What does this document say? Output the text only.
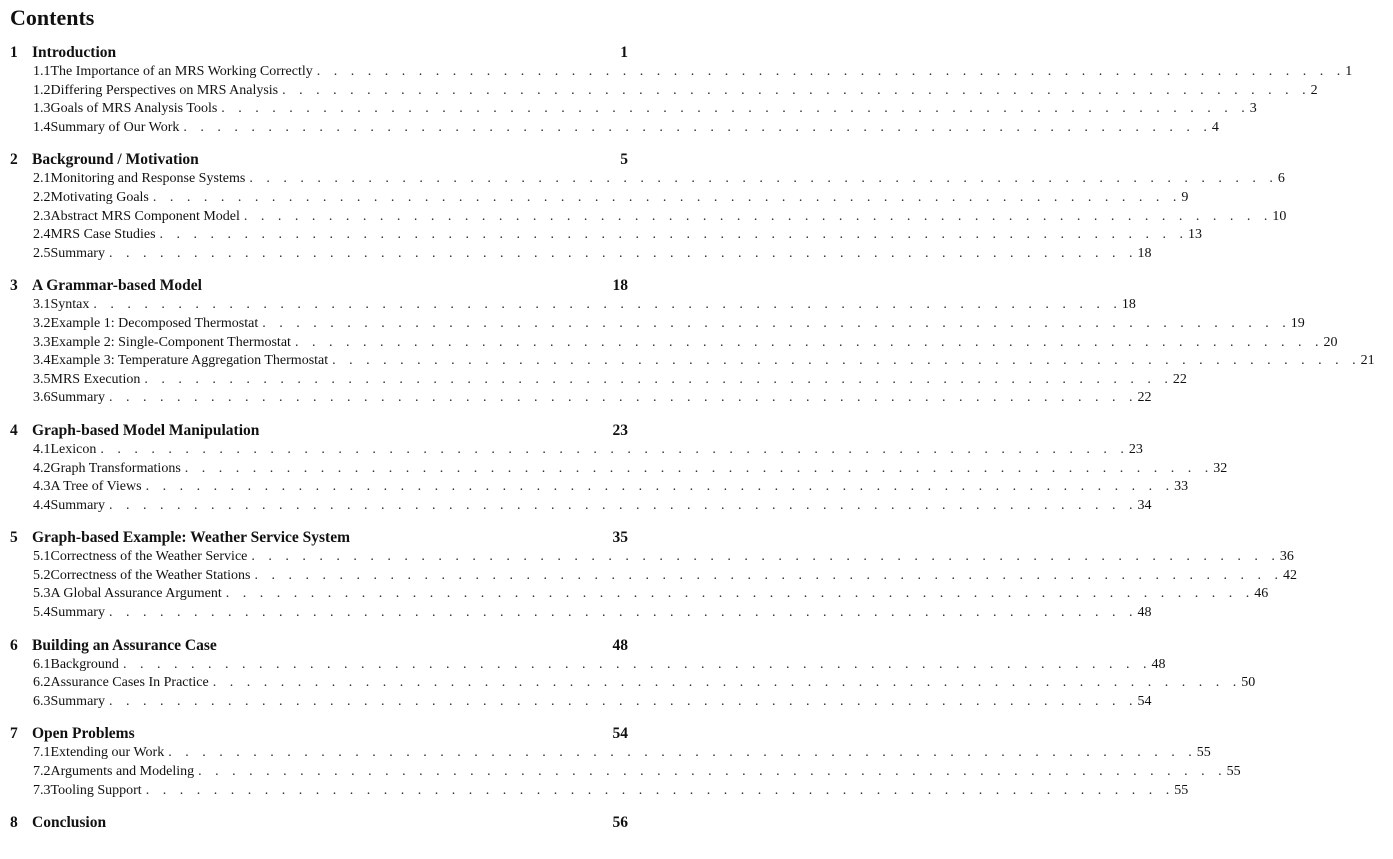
Contents
1 Introduction	1
1.1 The Importance of an MRS Working Correctly . . . . . . . . . . . . . . . . . . . . . . . . . . . . . . . . . . . . . . . . . . . . . . . . . . . . . . . . . . . . . 1
1.2 Differing Perspectives on MRS Analysis . . . . . . . . . . . . . . . . . . . . . . . . . . . . . . . . . . . . . . . . . . . . . . . . . . . . . . . . . . . . . 2
1.3 Goals of MRS Analysis Tools . . . . . . . . . . . . . . . . . . . . . . . . . . . . . . . . . . . . . . . . . . . . . . . . . . . . . . . . . . . . . 3
1.4 Summary of Our Work . . . . . . . . . . . . . . . . . . . . . . . . . . . . . . . . . . . . . . . . . . . . . . . . . . . . . . . . . . . . . 4
2 Background / Motivation	5
2.1 Monitoring and Response Systems . . . . . . . . . . . . . . . . . . . . . . . . . . . . . . . . . . . . . . . . . . . . . . . . . . . . . . . . . . . . . 6
2.2 Motivating Goals . . . . . . . . . . . . . . . . . . . . . . . . . . . . . . . . . . . . . . . . . . . . . . . . . . . . . . . . . . . . . 9
2.3 Abstract MRS Component Model . . . . . . . . . . . . . . . . . . . . . . . . . . . . . . . . . . . . . . . . . . . . . . . . . . . . . . . . . . . . . 10
2.4 MRS Case Studies . . . . . . . . . . . . . . . . . . . . . . . . . . . . . . . . . . . . . . . . . . . . . . . . . . . . . . . . . . . . . 13
2.5 Summary . . . . . . . . . . . . . . . . . . . . . . . . . . . . . . . . . . . . . . . . . . . . . . . . . . . . . . . . . . . . . 18
3 A Grammar-based Model	18
3.1 Syntax . . . . . . . . . . . . . . . . . . . . . . . . . . . . . . . . . . . . . . . . . . . . . . . . . . . . . . . . . . . . . 18
3.2 Example 1: Decomposed Thermostat . . . . . . . . . . . . . . . . . . . . . . . . . . . . . . . . . . . . . . . . . . . . . . . . . . . . . . . . . . . . . 19
3.3 Example 2: Single-Component Thermostat . . . . . . . . . . . . . . . . . . . . . . . . . . . . . . . . . . . . . . . . . . . . . . . . . . . . . . . . . . . . . 20
3.4 Example 3: Temperature Aggregation Thermostat . . . . . . . . . . . . . . . . . . . . . . . . . . . . . . . . . . . . . . . . . . . . . . . . . . . . . . . . . . . . . 21
3.5 MRS Execution . . . . . . . . . . . . . . . . . . . . . . . . . . . . . . . . . . . . . . . . . . . . . . . . . . . . . . . . . . . . . 22
3.6 Summary . . . . . . . . . . . . . . . . . . . . . . . . . . . . . . . . . . . . . . . . . . . . . . . . . . . . . . . . . . . . . 22
4 Graph-based Model Manipulation	23
4.1 Lexicon . . . . . . . . . . . . . . . . . . . . . . . . . . . . . . . . . . . . . . . . . . . . . . . . . . . . . . . . . . . . . 23
4.2 Graph Transformations . . . . . . . . . . . . . . . . . . . . . . . . . . . . . . . . . . . . . . . . . . . . . . . . . . . . . . . . . . . . . 32
4.3 A Tree of Views . . . . . . . . . . . . . . . . . . . . . . . . . . . . . . . . . . . . . . . . . . . . . . . . . . . . . . . . . . . . . 33
4.4 Summary . . . . . . . . . . . . . . . . . . . . . . . . . . . . . . . . . . . . . . . . . . . . . . . . . . . . . . . . . . . . . 34
5 Graph-based Example: Weather Service System	35
5.1 Correctness of the Weather Service . . . . . . . . . . . . . . . . . . . . . . . . . . . . . . . . . . . . . . . . . . . . . . . . . . . . . . . . . . . . . 36
5.2 Correctness of the Weather Stations . . . . . . . . . . . . . . . . . . . . . . . . . . . . . . . . . . . . . . . . . . . . . . . . . . . . . . . . . . . . . 42
5.3 A Global Assurance Argument . . . . . . . . . . . . . . . . . . . . . . . . . . . . . . . . . . . . . . . . . . . . . . . . . . . . . . . . . . . . . 46
5.4 Summary . . . . . . . . . . . . . . . . . . . . . . . . . . . . . . . . . . . . . . . . . . . . . . . . . . . . . . . . . . . . . 48
6 Building an Assurance Case	48
6.1 Background . . . . . . . . . . . . . . . . . . . . . . . . . . . . . . . . . . . . . . . . . . . . . . . . . . . . . . . . . . . . . 48
6.2 Assurance Cases In Practice . . . . . . . . . . . . . . . . . . . . . . . . . . . . . . . . . . . . . . . . . . . . . . . . . . . . . . . . . . . . . 50
6.3 Summary . . . . . . . . . . . . . . . . . . . . . . . . . . . . . . . . . . . . . . . . . . . . . . . . . . . . . . . . . . . . . 54
7 Open Problems	54
7.1 Extending our Work . . . . . . . . . . . . . . . . . . . . . . . . . . . . . . . . . . . . . . . . . . . . . . . . . . . . . . . . . . . . . 55
7.2 Arguments and Modeling . . . . . . . . . . . . . . . . . . . . . . . . . . . . . . . . . . . . . . . . . . . . . . . . . . . . . . . . . . . . . 55
7.3 Tooling Support . . . . . . . . . . . . . . . . . . . . . . . . . . . . . . . . . . . . . . . . . . . . . . . . . . . . . . . . . . . . . 55
8 Conclusion	56
